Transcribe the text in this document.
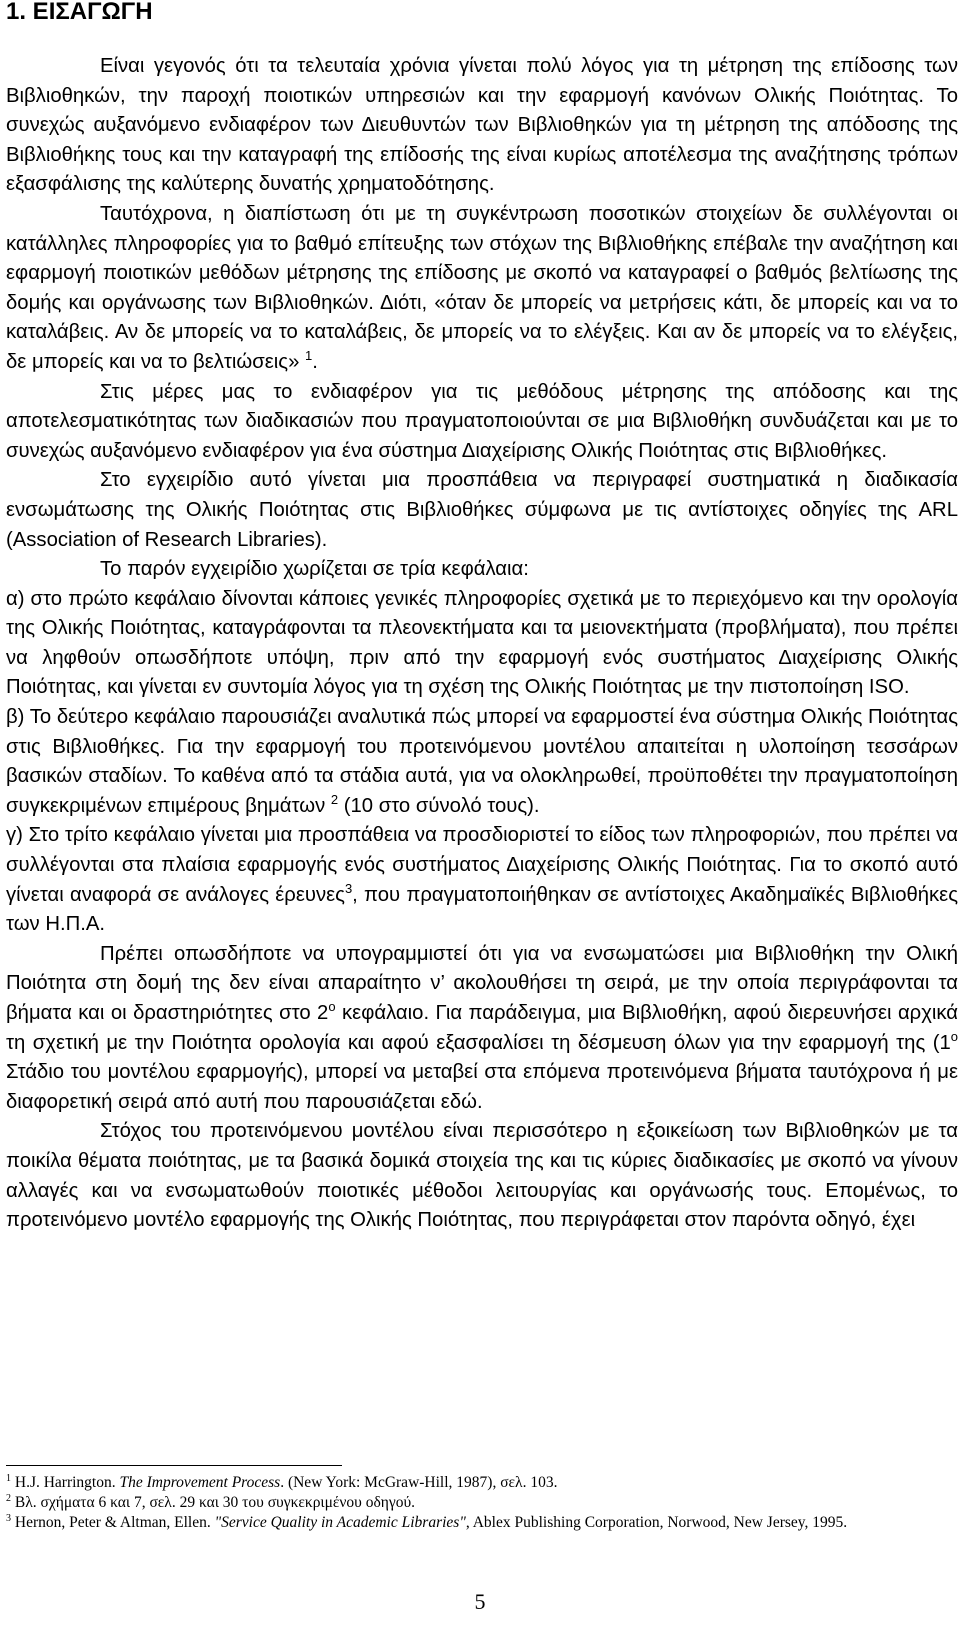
1. ΕΙΣΑΓΩΓΗ

Είναι γεγονός ότι τα τελευταία χρόνια γίνεται πολύ λόγος για τη μέτρηση της επίδοσης των Βιβλιοθηκών, την παροχή ποιοτικών υπηρεσιών και την εφαρμογή κανόνων Ολικής Ποιότητας. Το συνεχώς αυξανόμενο ενδιαφέρον των Διευθυντών των Βιβλιοθηκών για τη μέτρηση της απόδοσης της Βιβλιοθήκης τους και την καταγραφή της επίδοσής της είναι κυρίως αποτέλεσμα της αναζήτησης τρόπων εξασφάλισης της καλύτερης δυνατής χρηματοδότησης.

Ταυτόχρονα, η διαπίστωση ότι με τη συγκέντρωση ποσοτικών στοιχείων δε συλλέγονται οι κατάλληλες πληροφορίες για το βαθμό επίτευξης των στόχων της Βιβλιοθήκης επέβαλε την αναζήτηση και εφαρμογή ποιοτικών μεθόδων μέτρησης της επίδοσης με σκοπό να καταγραφεί ο βαθμός βελτίωσης της δομής και οργάνωσης των Βιβλιοθηκών. Διότι, «όταν δε μπορείς να μετρήσεις κάτι, δε μπορείς και να το καταλάβεις. Αν δε μπορείς να το καταλάβεις, δε μπορείς να το ελέγξεις. Και αν δε μπορείς να το ελέγξεις, δε μπορείς και να το βελτιώσεις» $^1$.

Στις μέρες μας το ενδιαφέρον για τις μεθόδους μέτρησης της απόδοσης και της αποτελεσματικότητας των διαδικασιών που πραγματοποιούνται σε μια Βιβλιοθήκη συνδυάζεται και με το συνεχώς αυξανόμενο ενδιαφέρον για ένα σύστημα Διαχείρισης Ολικής Ποιότητας στις Βιβλιοθήκες.

Στο εγχειρίδιο αυτό γίνεται μια προσπάθεια να περιγραφεί συστηματικά η διαδικασία ενσωμάτωσης της Ολικής Ποιότητας στις Βιβλιοθήκες σύμφωνα με τις αντίστοιχες οδηγίες της ARL (Association of Research Libraries).

Το παρόν εγχειρίδιο χωρίζεται σε τρία κεφάλαια:

α) στο πρώτο κεφάλαιο δίνονται κάποιες γενικές πληροφορίες σχετικά με το περιεχόμενο και την ορολογία της Ολικής Ποιότητας, καταγράφονται τα πλεονεκτήματα και τα μειονεκτήματα (προβλήματα), που πρέπει να ληφθούν οπωσδήποτε υπόψη, πριν από την εφαρμογή ενός συστήματος Διαχείρισης Ολικής Ποιότητας, και γίνεται εν συντομία λόγος για τη σχέση της Ολικής Ποιότητας με την πιστοποίηση ISO.

β) Το δεύτερο κεφάλαιο παρουσιάζει αναλυτικά πώς μπορεί να εφαρμοστεί ένα σύστημα Ολικής Ποιότητας στις Βιβλιοθήκες. Για την εφαρμογή του προτεινόμενου μοντέλου απαιτείται η υλοποίηση τεσσάρων βασικών σταδίων. Το καθένα από τα στάδια αυτά, για να ολοκληρωθεί, προϋποθέτει την πραγματοποίηση συγκεκριμένων επιμέρους βημάτων $^2$ (10 στο σύνολό τους).

γ) Στο τρίτο κεφάλαιο γίνεται μια προσπάθεια να προσδιοριστεί το είδος των πληροφοριών, που πρέπει να συλλέγονται στα πλαίσια εφαρμογής ενός συστήματος Διαχείρισης Ολικής Ποιότητας. Για το σκοπό αυτό γίνεται αναφορά σε ανάλογες έρευνες$^3$, που πραγματοποιήθηκαν σε αντίστοιχες Ακαδημαϊκές Βιβλιοθήκες των Η.Π.Α.

Πρέπει οπωσδήποτε να υπογραμμιστεί ότι για να ενσωματώσει μια Βιβλιοθήκη την Ολική Ποιότητα στη δομή της δεν είναι απαραίτητο ν’ ακολουθήσει τη σειρά, με την οποία περιγράφονται τα βήματα και οι δραστηριότητες στο $2^o$ κεφάλαιο. Για παράδειγμα, μια Βιβλιοθήκη, αφού διερευνήσει αρχικά τη σχετική με την Ποιότητα ορολογία και αφού εξασφαλίσει τη δέσμευση όλων για την εφαρμογή της ($1^o$ Στάδιο του μοντέλου εφαρμογής), μπορεί να μεταβεί στα επόμενα προτεινόμενα βήματα ταυτόχρονα ή με διαφορετική σειρά από αυτή που παρουσιάζεται εδώ.

Στόχος του προτεινόμενου μοντέλου είναι περισσότερο η εξοικείωση των Βιβλιοθηκών με τα ποικίλα θέματα ποιότητας, με τα βασικά δομικά στοιχεία της και τις κύριες διαδικασίες με σκοπό να γίνουν αλλαγές και να ενσωματωθούν ποιοτικές μέθοδοι λειτουργίας και οργάνωσής τους. Επομένως, το προτεινόμενο μοντέλο εφαρμογής της Ολικής Ποιότητας, που περιγράφεται στον παρόντα οδηγό, έχει

$^1$ H.J. Harrington. The Improvement Process. (New York: McGraw-Hill, 1987), σελ. 103.

$^2$ Βλ. σχήματα 6 και 7, σελ. 29 και 30 του συγκεκριμένου οδηγού.

$^3$ Hernon, Peter & Altman, Ellen. "Service Quality in Academic Libraries", Ablex Publishing Corporation, Norwood, New Jersey, 1995.

5
